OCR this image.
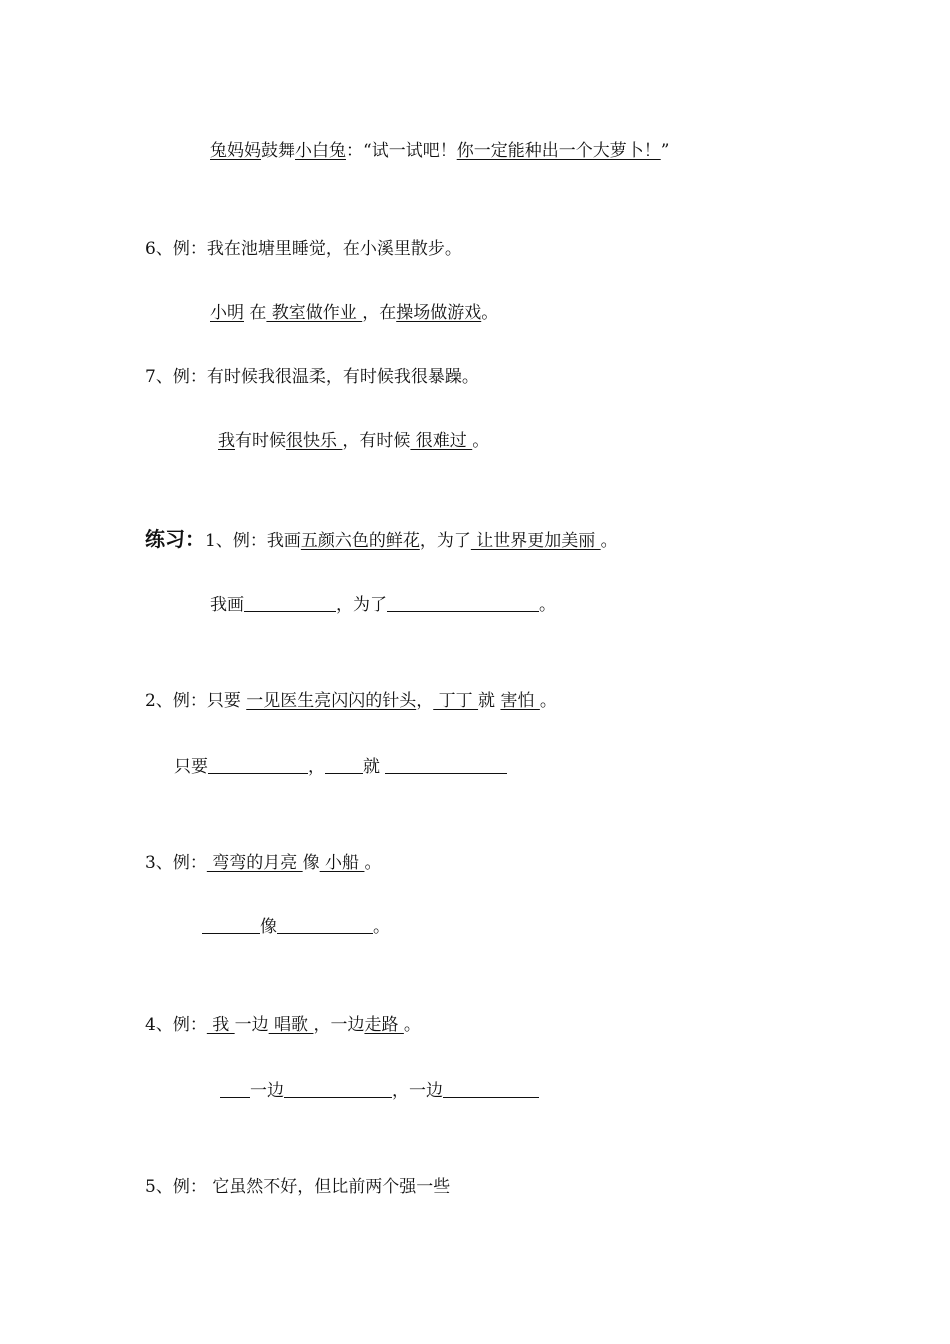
兔妈妈鼓舞小白兔：“试一试吧！你一定能种出一个大萝卜！”
6、例：我在池塘里睡觉，在小溪里散步。
小明 在 教室做作业 ，在操场做游戏。
7、例：有时候我很温柔，有时候我很暴躁。
我有时候很快乐 ，有时候 很难过 。
练习：1、例：我画五颜六色的鲜花，为了 让世界更加美丽 。
我画	，为了	。
2、例：只要 一见医生亮闪闪的针头， 丁丁 就 害怕 。
只要	， 就
3、例： 弯弯的月亮 像 小船 。
像	。
4、例： 我 一边 唱歌 ，一边走路 。
一边	，一边
5、例： 它虽然不好，但比前两个强一些
